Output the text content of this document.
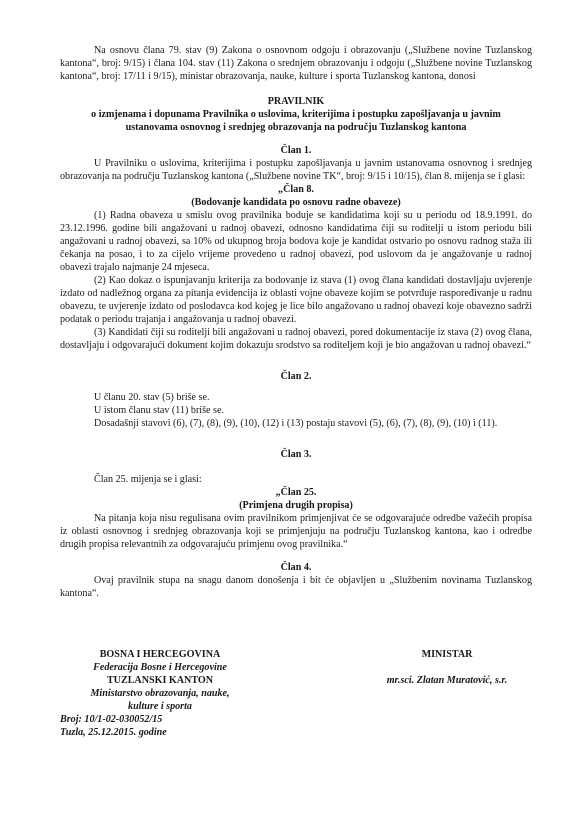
Na osnovu člana 79. stav (9) Zakona o osnovnom odgoju i obrazovanju („Službene novine Tuzlanskog kantona“, broj: 9/15) i člana 104. stav (11) Zakona o srednjem obrazovanju i odgoju („Službene novine Tuzlanskog kantona“, broj: 17/11 i 9/15), ministar obrazovanja, nauke, kulture i sporta Tuzlanskog kantona, donosi

PRAVILNIK

o izmjenama i dopunama Pravilnika o uslovima, kriterijima i postupku zapošljavanja u javnim ustanovama osnovnog i srednjeg obrazovanja na području Tuzlanskog kantona

Član 1.

U Pravilniku o uslovima, kriterijima i postupku zapošljavanja u javnim ustanovama osnovnog i srednjeg obrazovanja na području Tuzlanskog kantona („Službene novine TK“, broj: 9/15 i 10/15), član 8. mijenja se i glasi:

„Član 8.

(Bodovanje kandidata po osnovu radne obaveze)

(1) Radna obaveza u smislu ovog pravilnika boduje se kandidatima koji su u periodu od 18.9.1991. do 23.12.1996. godine bili angažovani u radnoj obavezi, odnosno kandidatima čiji su roditelji u istom periodu bili angažovani u radnoj obavezi, sa 10% od ukupnog broja bodova koje je kandidat ostvario po osnovu radnog staža ili čekanja na posao, i to za cijelo vrijeme provedeno u radnoj obavezi, pod uslovom da je angažovanje u radnoj obavezi trajalo najmanje 24 mjeseca.

(2) Kao dokaz o ispunjavanju kriterija za bodovanje iz stava (1) ovog člana kandidati dostavljaju uvjerenje izdato od nadležnog organa za pitanja evidencija iz oblasti vojne obaveze kojim se potvrđuje raspoređivanje u radnu obavezu, te uvjerenje izdato od poslodavca kod kojeg je lice bilo angažovano u radnoj obavezi koje obavezno sadrži podatak o periodu trajanja i angažovanja u radnoj obavezi.

(3) Kandidati čiji su roditelji bili angažovani u radnoj obavezi, pored dokumentacije iz stava (2) ovog člana, dostavljaju i odgovarajući dokument kojim dokazuju srodstvo sa roditeljem koji je bio angažovan u radnoj obavezi.“

Član 2.

U članu 20. stav (5) briše se.

U istom članu stav (11) briše se.

Dosadašnji stavovi (6), (7), (8), (9), (10), (12) i (13) postaju stavovi (5), (6), (7), (8), (9), (10) i (11).

Član 3.

Član 25. mijenja se i glasi:

„Član 25.

(Primjena drugih propisa)

Na pitanja koja nisu regulisana ovim pravilnikom primjenjivat će se odgovarajuće odredbe važećih propisa iz oblasti osnovnog i srednjeg obrazovanja koji se primjenjuju na području Tuzlanskog kantona, kao i odredbe drugih propisa relevantnih za odgovarajuću primjenu ovog pravilnika.“

Član 4.

Ovaj pravilnik stupa na snagu danom donošenja i bit će objavljen u „Službenim novinama Tuzlanskog kantona“.

BOSNA I HERCEGOVINA
Federacija Bosne i Hercegovine
TUZLANSKI KANTON
Ministarstvo obrazovanja, nauke,
kulture i sporta
Broj: 10/1-02-030052/15
Tuzla, 25.12.2015. godine
MINISTAR
mr.sci. Zlatan Muratović, s.r.
